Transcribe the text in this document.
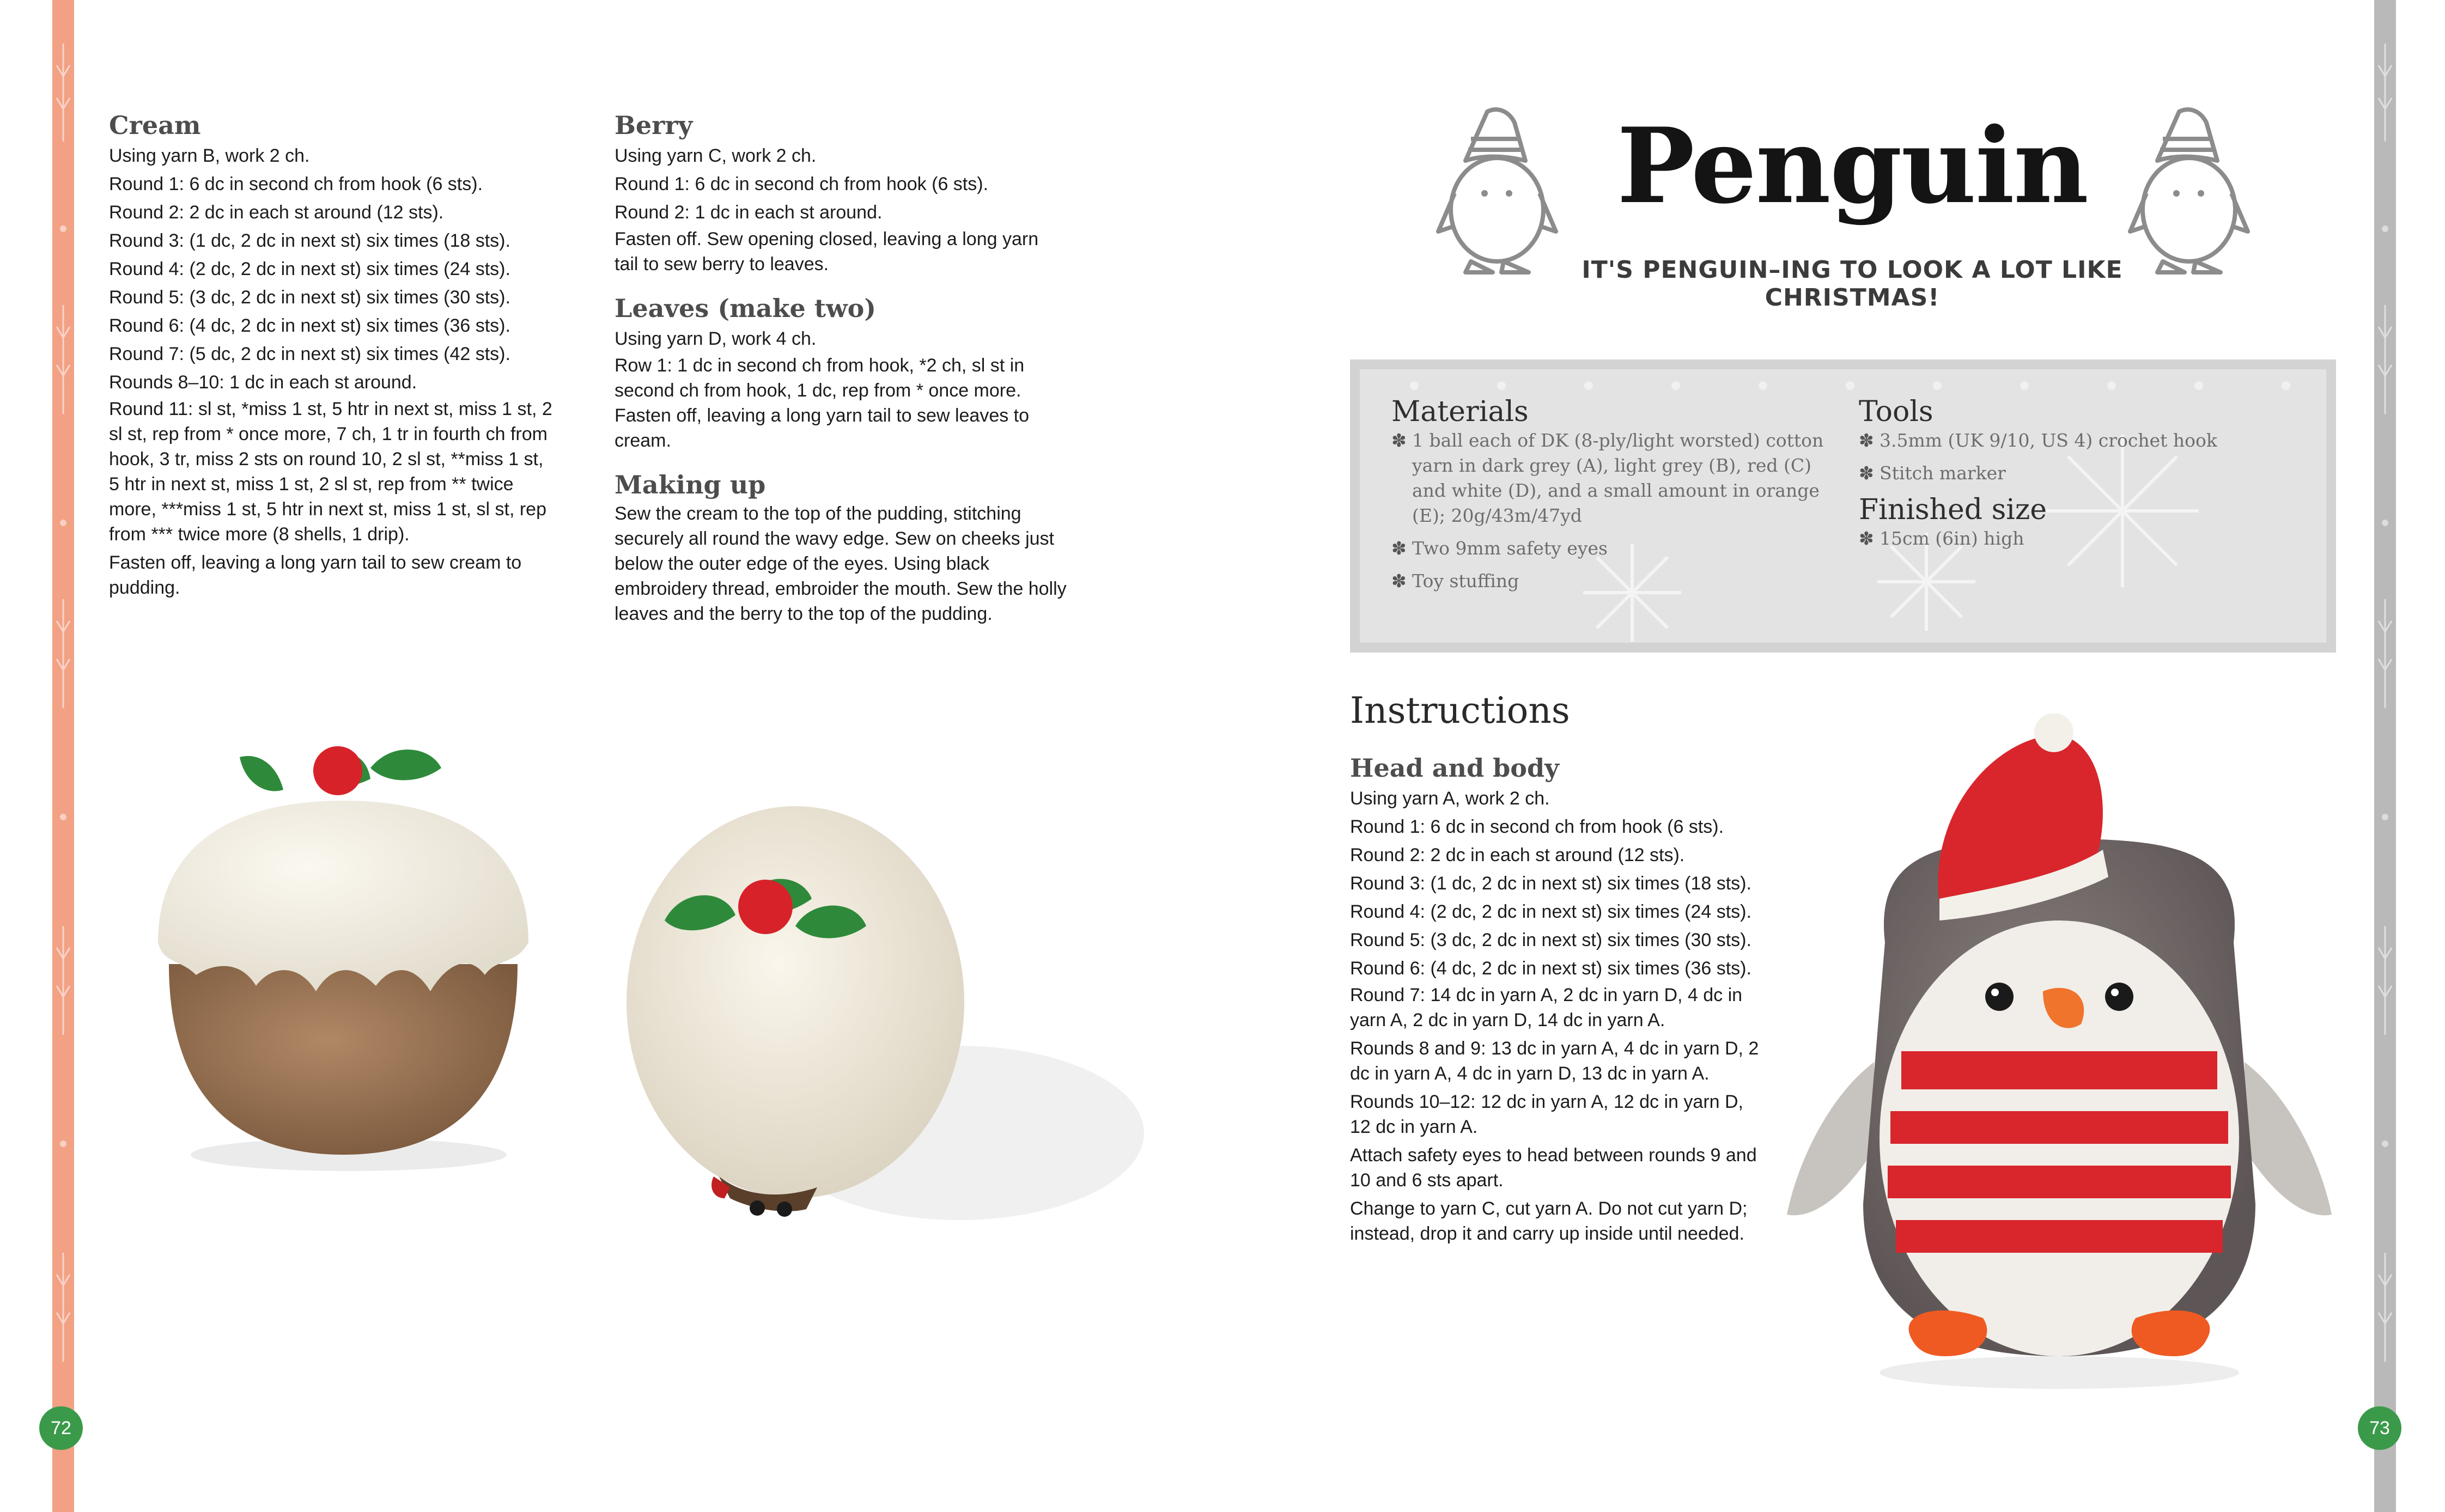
Cream

Using yarn B, work 2 ch.

Round 1: 6 dc in second ch from hook (6 sts).

Round 2: 2 dc in each st around (12 sts).

Round 3: (1 dc, 2 dc in next st) six times (18 sts).

Round 4: (2 dc, 2 dc in next st) six times (24 sts).

Round 5: (3 dc, 2 dc in next st) six times (30 sts).

Round 6: (4 dc, 2 dc in next st) six times (36 sts).

Round 7: (5 dc, 2 dc in next st) six times (42 sts).

Rounds 8–10: 1 dc in each st around.

Round 11: sl st, *miss 1 st, 5 htr in next st, miss 1 st, 2 sl st, rep from * once more, 7 ch, 1 tr in fourth ch from hook, 3 tr, miss 2 sts on round 10, 2 sl st, **miss 1 st, 5 htr in next st, miss 1 st, 2 sl st, rep from ** twice more, ***miss 1 st, 5 htr in next st, miss 1 st, sl st, rep from *** twice more (8 shells, 1 drip).

Fasten off, leaving a long yarn tail to sew cream to pudding.

Berry

Using yarn C, work 2 ch.

Round 1: 6 dc in second ch from hook (6 sts).

Round 2: 1 dc in each st around.

Fasten off. Sew opening closed, leaving a long yarn tail to sew berry to leaves.

Leaves (make two)

Using yarn D, work 4 ch.

Row 1: 1 dc in second ch from hook, *2 ch, sl st in second ch from hook, 1 dc, rep from * once more.

Fasten off, leaving a long yarn tail to sew leaves to cream.

Making up

Sew the cream to the top of the pudding, stitching securely all round the wavy edge. Sew on cheeks just below the outer edge of the eyes. Using black embroidery thread, embroider the mouth. Sew the holly leaves and the berry to the top of the pudding.

72
Penguin
IT'S PENGUIN–ING TO LOOK A LOT LIKE CHRISTMAS!
Materials
✽ 1 ball each of DK (8-ply/light worsted) cotton yarn in dark grey (A), light grey (B), red (C) and white (D), and a small amount in orange (E); 20g/43m/47yd
✽ Two 9mm safety eyes
✽ Toy stuffing
Tools
✽ 3.5mm (UK 9/10, US 4) crochet hook
✽ Stitch marker
Finished size
✽ 15cm (6in) high
Instructions
Head and body

Using yarn A, work 2 ch.

Round 1: 6 dc in second ch from hook (6 sts).

Round 2: 2 dc in each st around (12 sts).

Round 3: (1 dc, 2 dc in next st) six times (18 sts).

Round 4: (2 dc, 2 dc in next st) six times (24 sts).

Round 5: (3 dc, 2 dc in next st) six times (30 sts).

Round 6: (4 dc, 2 dc in next st) six times (36 sts).

Round 7: 14 dc in yarn A, 2 dc in yarn D, 4 dc in yarn A, 2 dc in yarn D, 14 dc in yarn A.

Rounds 8 and 9: 13 dc in yarn A, 4 dc in yarn D, 2 dc in yarn A, 4 dc in yarn D, 13 dc in yarn A.

Rounds 10–12: 12 dc in yarn A, 12 dc in yarn D, 12 dc in yarn A.

Attach safety eyes to head between rounds 9 and 10 and 6 sts apart.

Change to yarn C, cut yarn A. Do not cut yarn D; instead, drop it and carry up inside until needed.

73
